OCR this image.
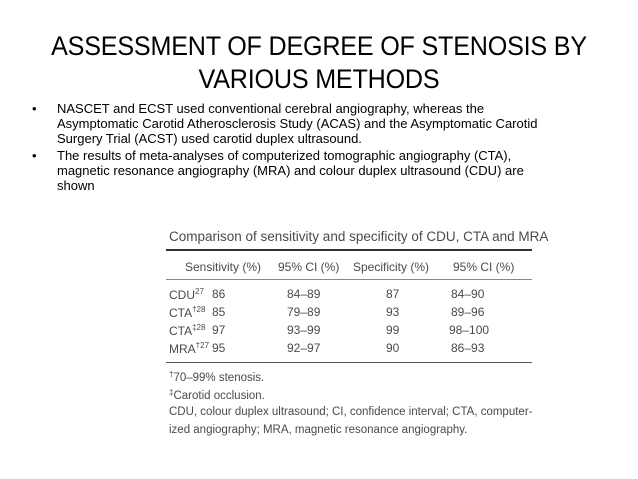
ASSESSMENT OF DEGREE OF STENOSIS BY
VARIOUS METHODS
• NASCET and ECST used conventional cerebral angiography, whereas the
Asymptomatic Carotid Atherosclerosis Study (ACAS) and the Asymptomatic Carotid
Surgery Trial (ACST) used carotid duplex ultrasound.
• The results of meta-analyses of computerized tomographic angiography (CTA),
magnetic resonance angiography (MRA) and colour duplex ultrasound (CDU) are
shown
Comparison of sensitivity and specificity of CDU, CTA and MRA
Sensitivity (%) 95% CI (%) Specificity (%) 95% CI (%)
CDU$^{27}$ 86	84–89	87	84–90
CTA$^{\dagger 28}$ 85	79–89	93	89–96
CTA$^{\ddagger 28}$ 97	93–99	99	98–100
MRA$^{\dagger 27}$ 95	92–97	90	86–93
†70–99% stenosis.
‡Carotid occlusion.
CDU, colour duplex ultrasound; CI, confidence interval; CTA, computer-
ized angiography; MRA, magnetic resonance angiography.
